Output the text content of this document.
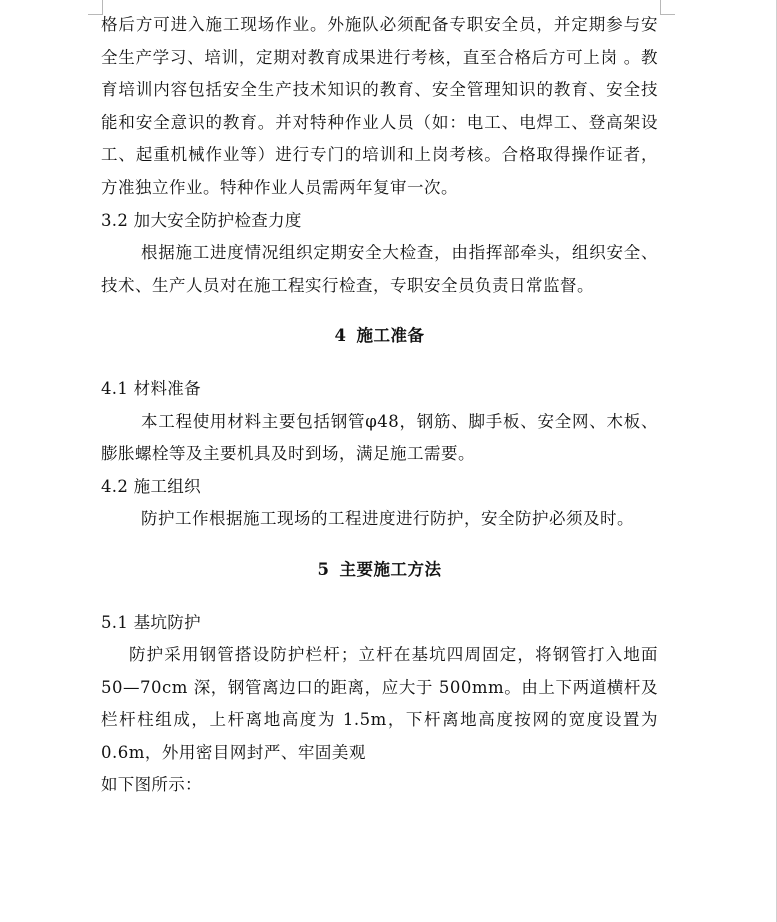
格后方可进入施工现场作业。外施队必须配备专职安全员，并定期参与安全生产学习、培训，定期对教育成果进行考核，直至合格后方可上岗 。教育培训内容包括安全生产技术知识的教育、安全管理知识的教育、安全技能和安全意识的教育。并对特种作业人员（如：电工、电焊工、登高架设工、起重机械作业等）进行专门的培训和上岗考核。合格取得操作证者，方准独立作业。特种作业人员需两年复审一次。

3.2 加大安全防护检查力度

根据施工进度情况组织定期安全大检查，由指挥部牵头，组织安全、技术、生产人员对在施工程实行检查，专职安全员负责日常监督。

4 施工准备

4.1 材料准备

本工程使用材料主要包括钢管φ48，钢筋、脚手板、安全网、木板、膨胀螺栓等及主要机具及时到场，满足施工需要。

4.2 施工组织

防护工作根据施工现场的工程进度进行防护，安全防护必须及时。

5 主要施工方法

5.1 基坑防护

防护采用钢管搭设防护栏杆；立杆在基坑四周固定，将钢管打入地面 50—70cm 深，钢管离边口的距离，应大于 500mm。由上下两道横杆及栏杆柱组成，上杆离地高度为 1.5m，下杆离地高度按网的宽度设置为 0.6m，外用密目网封严、牢固美观

如下图所示：
